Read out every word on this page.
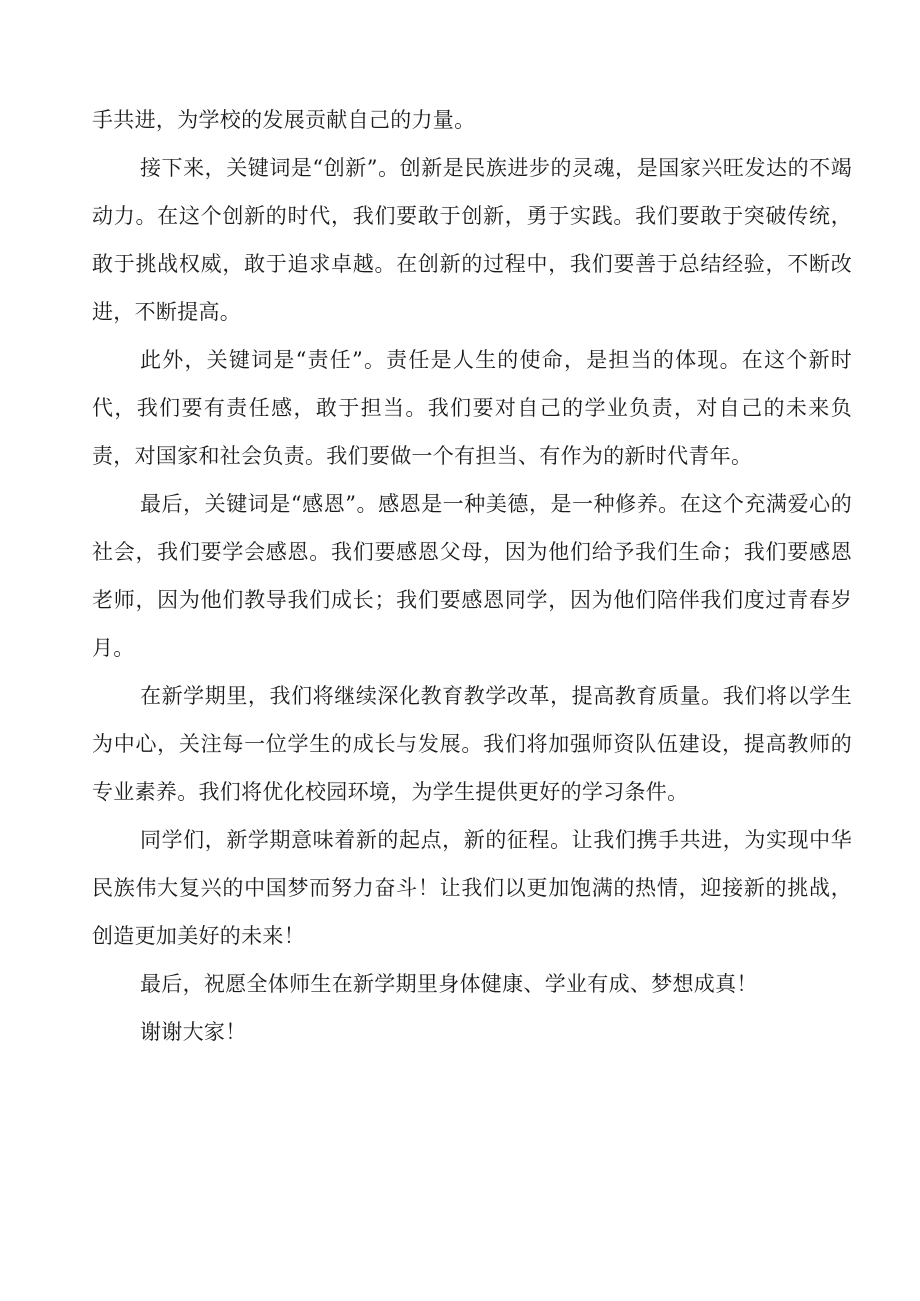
手共进，为学校的发展贡献自己的力量。

接下来，关键词是“创新”。创新是民族进步的灵魂，是国家兴旺发达的不竭动力。在这个创新的时代，我们要敢于创新，勇于实践。我们要敢于突破传统，敢于挑战权威，敢于追求卓越。在创新的过程中，我们要善于总结经验，不断改进，不断提高。

此外，关键词是“责任”。责任是人生的使命，是担当的体现。在这个新时代，我们要有责任感，敢于担当。我们要对自己的学业负责，对自己的未来负责，对国家和社会负责。我们要做一个有担当、有作为的新时代青年。

最后，关键词是“感恩”。感恩是一种美德，是一种修养。在这个充满爱心的社会，我们要学会感恩。我们要感恩父母，因为他们给予我们生命；我们要感恩老师，因为他们教导我们成长；我们要感恩同学，因为他们陪伴我们度过青春岁月。

在新学期里，我们将继续深化教育教学改革，提高教育质量。我们将以学生为中心，关注每一位学生的成长与发展。我们将加强师资队伍建设，提高教师的专业素养。我们将优化校园环境，为学生提供更好的学习条件。

同学们，新学期意味着新的起点，新的征程。让我们携手共进，为实现中华民族伟大复兴的中国梦而努力奋斗！让我们以更加饱满的热情，迎接新的挑战，创造更加美好的未来！

最后，祝愿全体师生在新学期里身体健康、学业有成、梦想成真！

谢谢大家！
